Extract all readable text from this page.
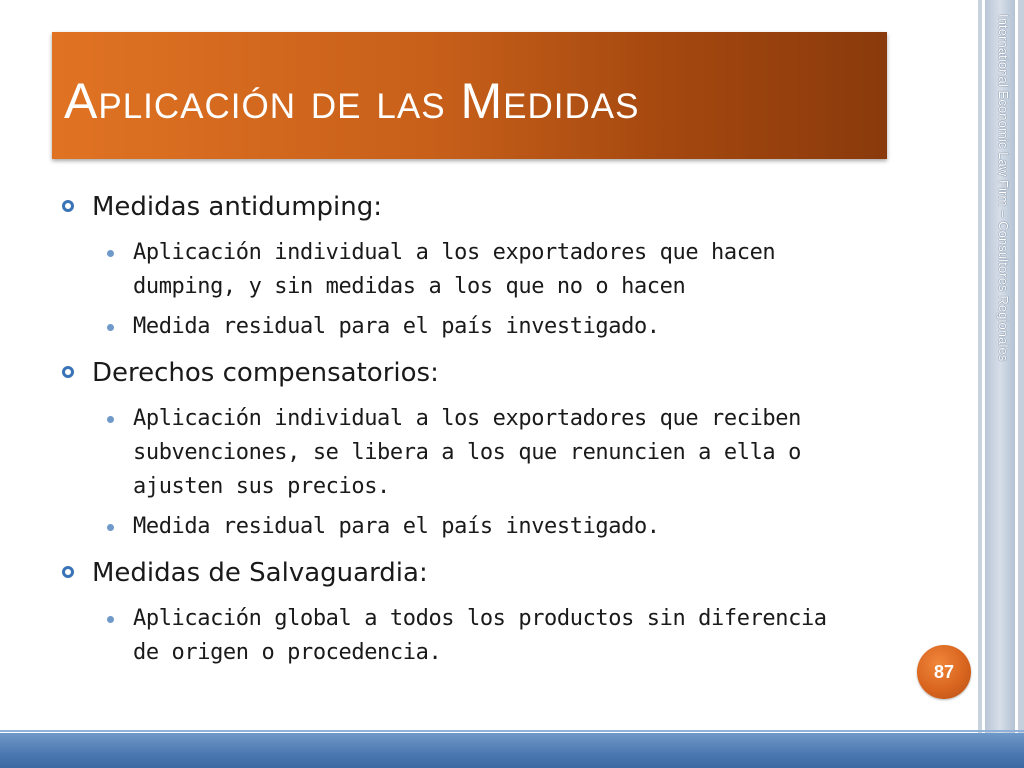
International Economic Law Firm – Consultores Regionales
Aplicación de las Medidas
Medidas antidumping:
Aplicación individual a los exportadores que hacen dumping, y sin medidas a los que no o hacen
Medida residual para el país investigado.
Derechos compensatorios:
Aplicación individual a los exportadores que reciben subvenciones, se libera a los que renuncien a ella o ajusten sus precios.
Medida residual para el país investigado.
Medidas de Salvaguardia:
Aplicación global a todos los productos sin diferencia de origen o procedencia.
87
